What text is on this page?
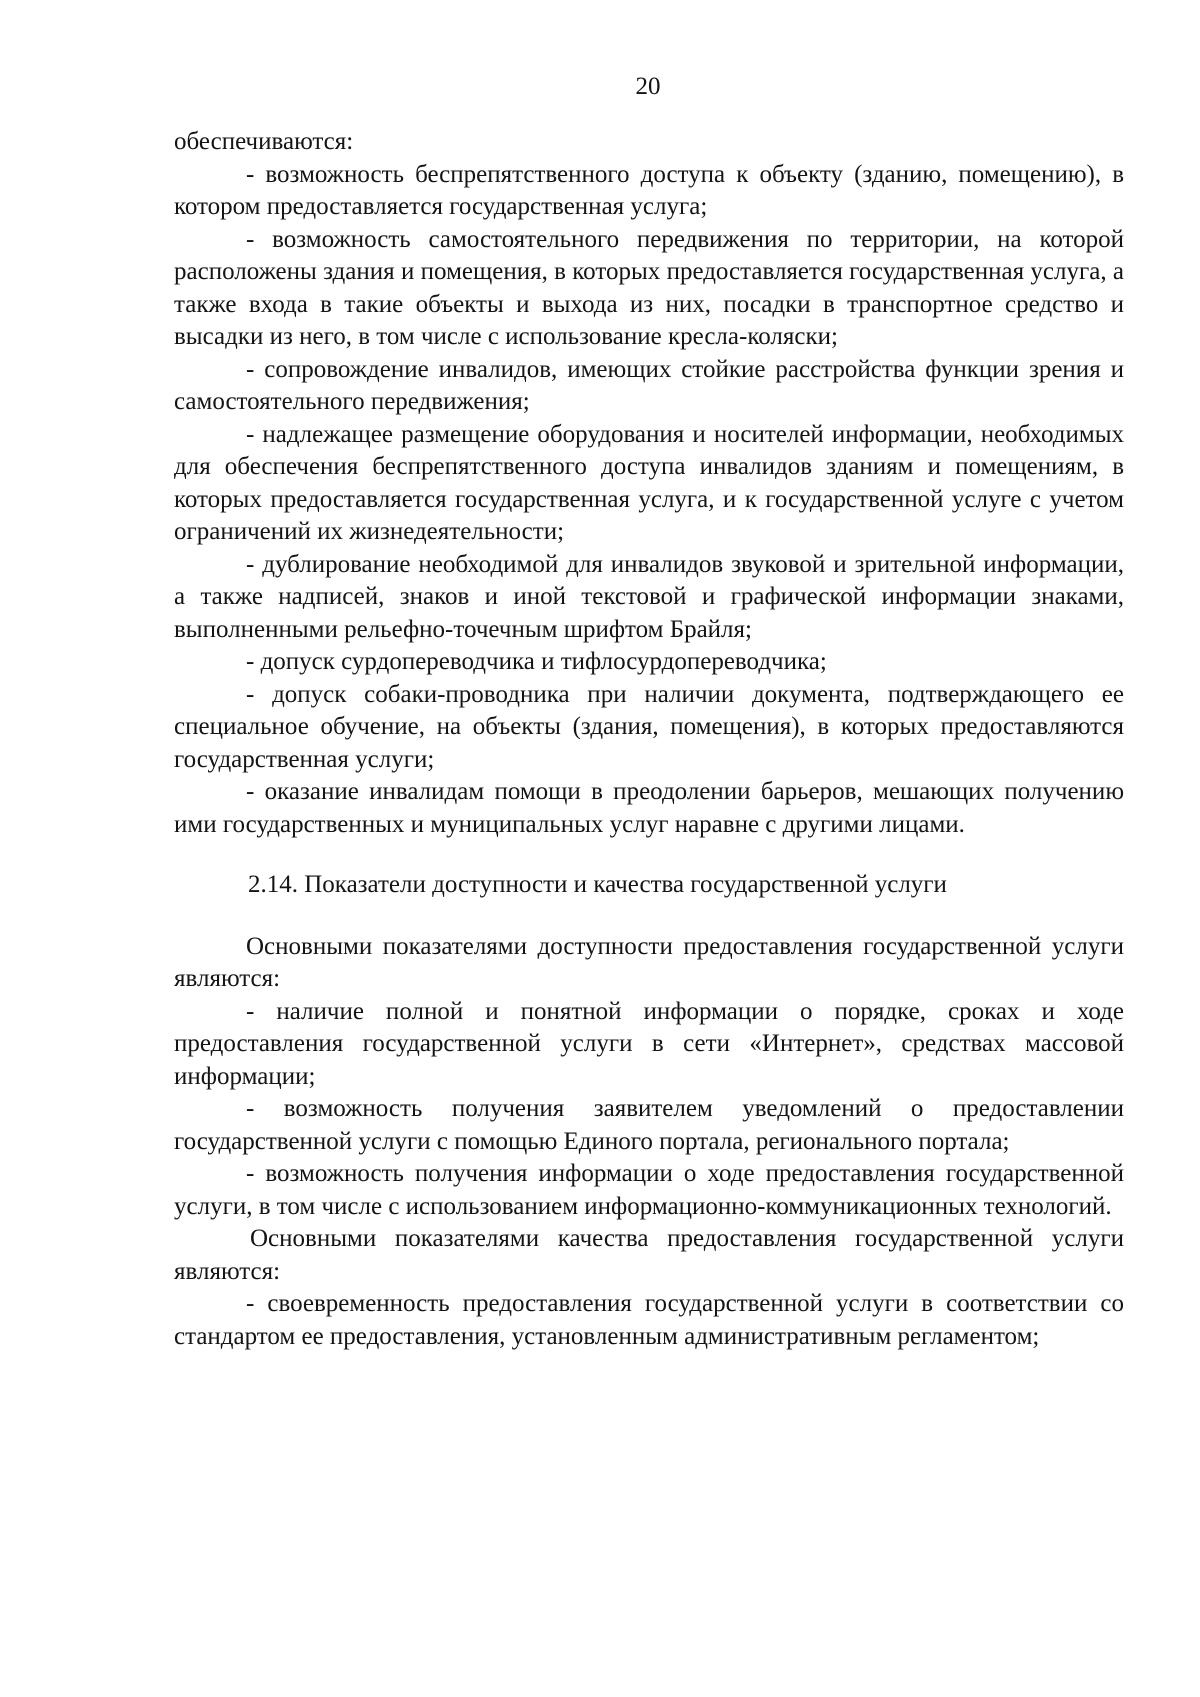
20

обеспечиваются:

- возможность беспрепятственного доступа к объекту (зданию, помещению), в котором предоставляется государственная услуга;

- возможность самостоятельного передвижения по территории, на которой расположены здания и помещения, в которых предоставляется государственная услуга, а также входа в такие объекты и выхода из них, посадки в транспортное средство и высадки из него, в том числе с использование кресла-коляски;

- сопровождение инвалидов, имеющих стойкие расстройства функции зрения и самостоятельного передвижения;

- надлежащее размещение оборудования и носителей информации, необходимых для обеспечения беспрепятственного доступа инвалидов зданиям и помещениям, в которых предоставляется государственная услуга, и к государственной услуге с учетом ограничений их жизнедеятельности;

- дублирование необходимой для инвалидов звуковой и зрительной информации, а также надписей, знаков и иной текстовой и графической информации знаками, выполненными рельефно-точечным шрифтом Брайля;

- допуск сурдопереводчика и тифлосурдопереводчика;

- допуск собаки-проводника при наличии документа, подтверждающего ее специальное обучение, на объекты (здания, помещения), в которых предоставляются государственная услуги;

- оказание инвалидам помощи в преодолении барьеров, мешающих получению ими государственных и муниципальных услуг наравне с другими лицами.

2.14. Показатели доступности и качества государственной услуги

Основными показателями доступности предоставления государственной услуги являются:

- наличие полной и понятной информации о порядке, сроках и ходе предоставления государственной услуги в сети «Интернет», средствах массовой информации;

- возможность получения заявителем уведомлений о предоставлении государственной услуги с помощью Единого портала, регионального портала;

- возможность получения информации о ходе предоставления государственной услуги, в том числе с использованием информационно-коммуникационных технологий.

Основными показателями качества предоставления государственной услуги являются:

- своевременность предоставления государственной услуги в соответствии со стандартом ее предоставления, установленным административным регламентом;
